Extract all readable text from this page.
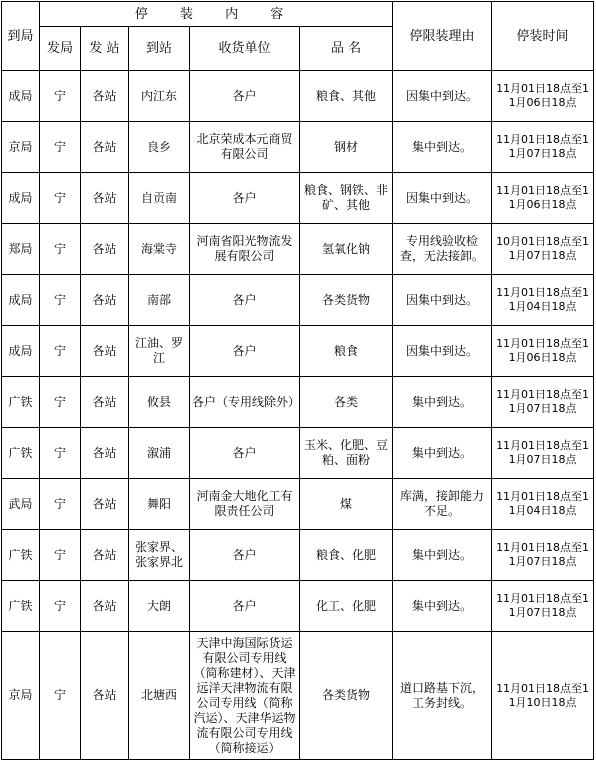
到局	停 装 内 容					停限装理由	停装时间
	发局	发 站	到站	收货单位	品 名		
成局	宁	各站	内江东	各户	粮食、其他	因集中到达。	11月01日18点至11月06日18点
京局	宁	各站	良乡	北京荣成本元商贸有限公司	钢材	集中到达。	11月01日18点至11月07日18点
成局	宁	各站	自贡南	各户	粮食、钢铁、非矿、其他	因集中到达。	11月01日18点至11月06日18点
郑局	宁	各站	海棠寺	河南省阳光物流发展有限公司	氢氧化钠	专用线验收检查，无法接卸。	10月01日18点至11月07日18点
成局	宁	各站	南部	各户	各类货物	因集中到达。	11月01日18点至11月04日18点
成局	宁	各站	江油、罗江	各户	粮食	因集中到达。	11月01日18点至11月06日18点
广铁	宁	各站	攸县	各户（专用线除外）	各类	集中到达。	11月01日18点至11月07日18点
广铁	宁	各站	溆浦	各户	玉米、化肥、豆粕、面粉	集中到达。	11月01日18点至11月07日18点
武局	宁	各站	舞阳	河南金大地化工有限责任公司	煤	库满，接卸能力不足。	11月01日18点至11月04日18点
广铁	宁	各站	张家界、张家界北	各户	粮食、化肥	集中到达。	11月01日18点至11月07日18点
广铁	宁	各站	大朗	各户	化工、化肥	集中到达。	11月01日18点至11月07日18点
京局	宁	各站	北塘西	天津中海国际货运有限公司专用线（简称建材）、天津远洋天津物流有限公司专用线（简称汽运）、天津华运物流有限公司专用线（简称接运）	各类货物	道口路基下沉，工务封线。	11月01日18点至11月10日18点
